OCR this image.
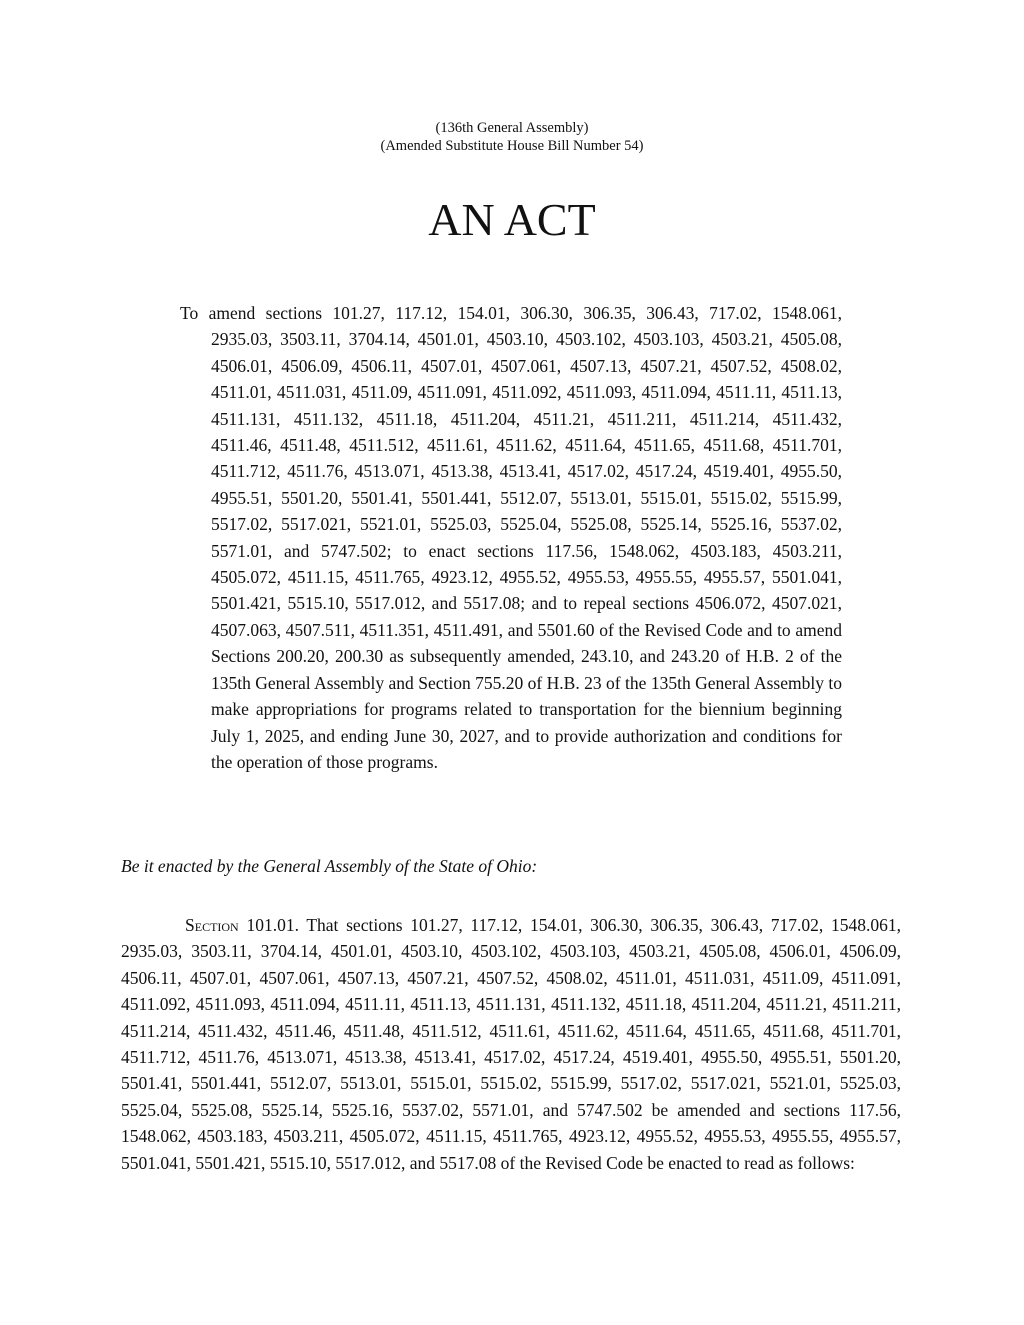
(136th General Assembly)
(Amended Substitute House Bill Number 54)
AN ACT

To amend sections 101.27, 117.12, 154.01, 306.30, 306.35, 306.43, 717.02, 1548.061, 2935.03, 3503.11, 3704.14, 4501.01, 4503.10, 4503.102, 4503.103, 4503.21, 4505.08, 4506.01, 4506.09, 4506.11, 4507.01, 4507.061, 4507.13, 4507.21, 4507.52, 4508.02, 4511.01, 4511.031, 4511.09, 4511.091, 4511.092, 4511.093, 4511.094, 4511.11, 4511.13, 4511.131, 4511.132, 4511.18, 4511.204, 4511.21, 4511.211, 4511.214, 4511.432, 4511.46, 4511.48, 4511.512, 4511.61, 4511.62, 4511.64, 4511.65, 4511.68, 4511.701, 4511.712, 4511.76, 4513.071, 4513.38, 4513.41, 4517.02, 4517.24, 4519.401, 4955.50, 4955.51, 5501.20, 5501.41, 5501.441, 5512.07, 5513.01, 5515.01, 5515.02, 5515.99, 5517.02, 5517.021, 5521.01, 5525.03, 5525.04, 5525.08, 5525.14, 5525.16, 5537.02, 5571.01, and 5747.502; to enact sections 117.56, 1548.062, 4503.183, 4503.211, 4505.072, 4511.15, 4511.765, 4923.12, 4955.52, 4955.53, 4955.55, 4955.57, 5501.041, 5501.421, 5515.10, 5517.012, and 5517.08; and to repeal sections 4506.072, 4507.021, 4507.063, 4507.511, 4511.351, 4511.491, and 5501.60 of the Revised Code and to amend Sections 200.20, 200.30 as subsequently amended, 243.10, and 243.20 of H.B. 2 of the 135th General Assembly and Section 755.20 of H.B. 23 of the 135th General Assembly to make appropriations for programs related to transportation for the biennium beginning July 1, 2025, and ending June 30, 2027, and to provide authorization and conditions for the operation of those programs.

Be it enacted by the General Assembly of the State of Ohio:

Section 101.01. That sections 101.27, 117.12, 154.01, 306.30, 306.35, 306.43, 717.02, 1548.061, 2935.03, 3503.11, 3704.14, 4501.01, 4503.10, 4503.102, 4503.103, 4503.21, 4505.08, 4506.01, 4506.09, 4506.11, 4507.01, 4507.061, 4507.13, 4507.21, 4507.52, 4508.02, 4511.01, 4511.031, 4511.09, 4511.091, 4511.092, 4511.093, 4511.094, 4511.11, 4511.13, 4511.131, 4511.132, 4511.18, 4511.204, 4511.21, 4511.211, 4511.214, 4511.432, 4511.46, 4511.48, 4511.512, 4511.61, 4511.62, 4511.64, 4511.65, 4511.68, 4511.701, 4511.712, 4511.76, 4513.071, 4513.38, 4513.41, 4517.02, 4517.24, 4519.401, 4955.50, 4955.51, 5501.20, 5501.41, 5501.441, 5512.07, 5513.01, 5515.01, 5515.02, 5515.99, 5517.02, 5517.021, 5521.01, 5525.03, 5525.04, 5525.08, 5525.14, 5525.16, 5537.02, 5571.01, and 5747.502 be amended and sections 117.56, 1548.062, 4503.183, 4503.211, 4505.072, 4511.15, 4511.765, 4923.12, 4955.52, 4955.53, 4955.55, 4955.57, 5501.041, 5501.421, 5515.10, 5517.012, and 5517.08 of the Revised Code be enacted to read as follows:
